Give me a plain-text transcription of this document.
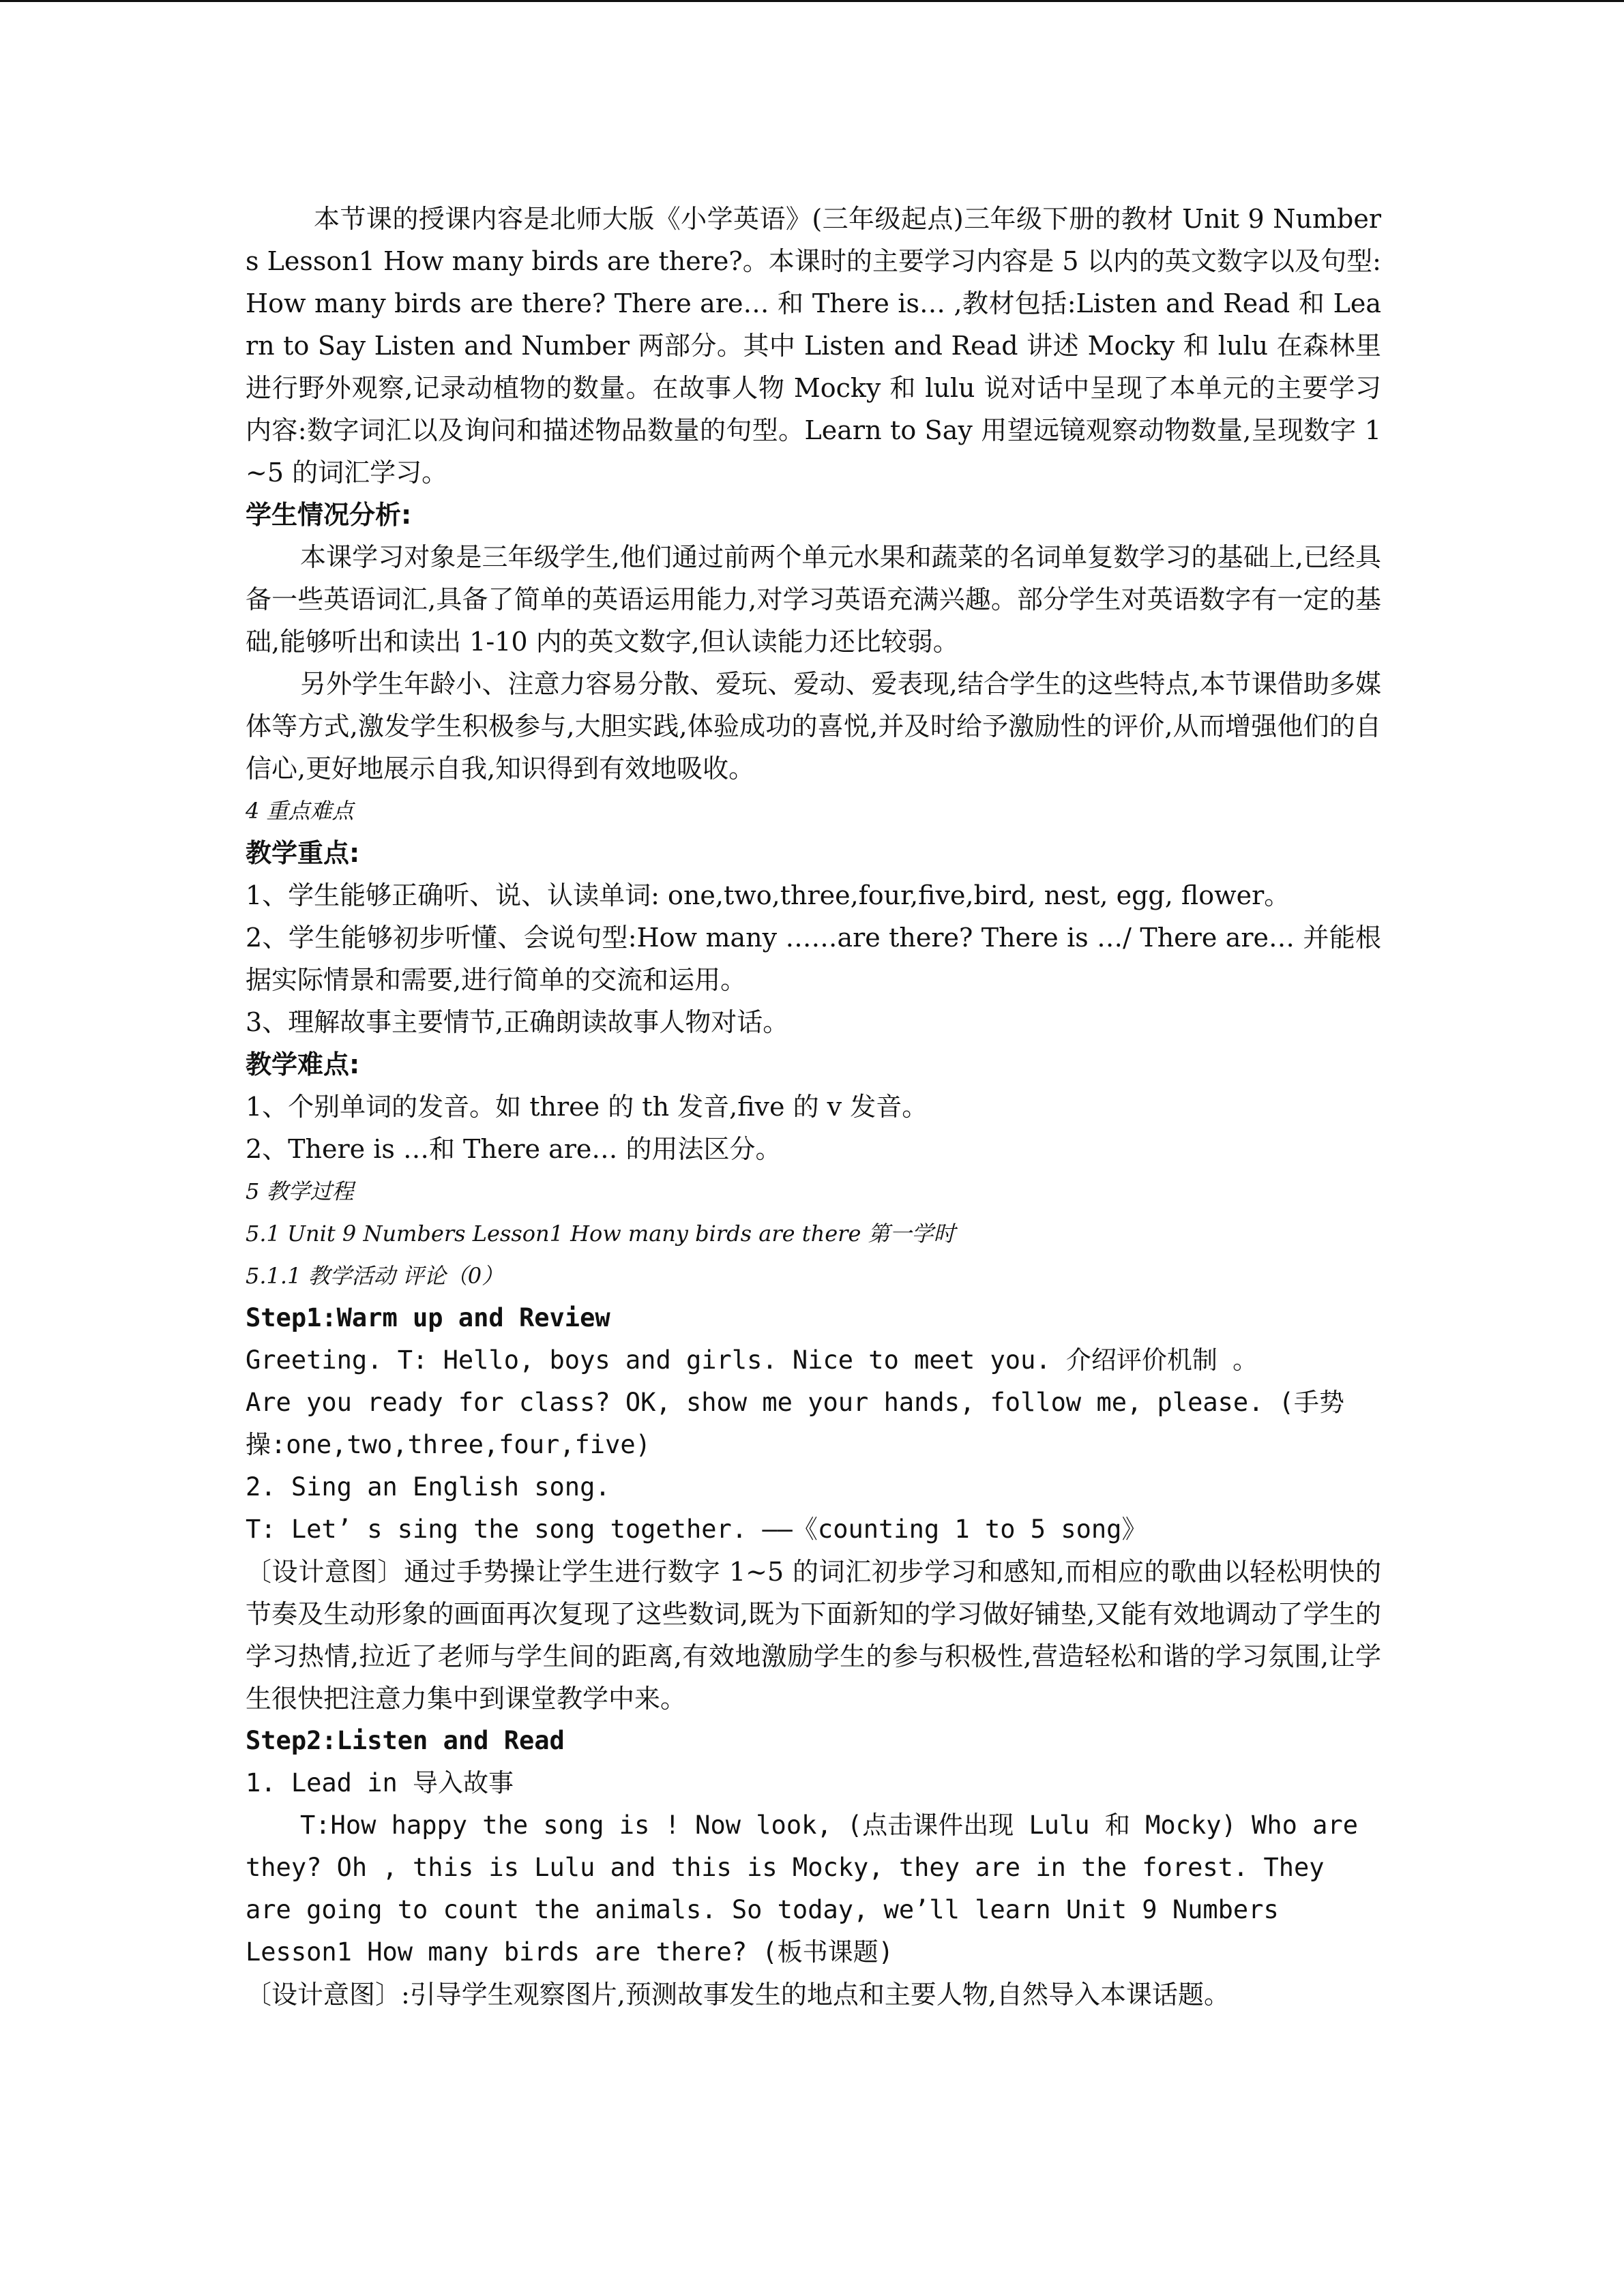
本节课的授课内容是北师大版《小学英语》(三年级起点)三年级下册的教材 Unit 9 Numbers Lesson1 How many birds are there?。本课时的主要学习内容是 5 以内的英文数字以及句型:How many birds are there? There are… 和 There is… ,教材包括:Listen and Read 和 Learn to Say Listen and Number 两部分。其中 Listen and Read 讲述 Mocky 和 lulu 在森林里进行野外观察,记录动植物的数量。在故事人物 Mocky 和 lulu 说对话中呈现了本单元的主要学习内容:数字词汇以及询问和描述物品数量的句型。Learn to Say 用望远镜观察动物数量,呈现数字 1~5 的词汇学习。

学生情况分析:

本课学习对象是三年级学生,他们通过前两个单元水果和蔬菜的名词单复数学习的基础上,已经具备一些英语词汇,具备了简单的英语运用能力,对学习英语充满兴趣。部分学生对英语数字有一定的基础,能够听出和读出 1-10 内的英文数字,但认读能力还比较弱。

另外学生年龄小、注意力容易分散、爱玩、爱动、爱表现,结合学生的这些特点,本节课借助多媒体等方式,激发学生积极参与,大胆实践,体验成功的喜悦,并及时给予激励性的评价,从而增强他们的自信心,更好地展示自我,知识得到有效地吸收。

4 重点难点

教学重点:

1、学生能够正确听、说、认读单词: one,two,three,four,five,bird, nest, egg, flower。

2、学生能够初步听懂、会说句型:How many ……are there? There is …/ There are… 并能根据实际情景和需要,进行简单的交流和运用。

3、理解故事主要情节,正确朗读故事人物对话。

教学难点:

1、个别单词的发音。如 three 的 th 发音,five 的 v 发音。

2、There is …和 There are… 的用法区分。

5 教学过程

5.1 Unit 9 Numbers Lesson1 How many birds are there 第一学时

5.1.1 教学活动 评论（0）

Step1:Warm up and Review

Greeting. T: Hello, boys and girls. Nice to meet you. 介绍评价机制 。

Are you ready for class? OK, show me your hands, follow me, please. (手势操:one,two,three,four,five)

2. Sing an English song.

T: Let’ s sing the song together. ——《counting 1 to 5 song》

〔设计意图〕通过手势操让学生进行数字 1~5 的词汇初步学习和感知,而相应的歌曲以轻松明快的节奏及生动形象的画面再次复现了这些数词,既为下面新知的学习做好铺垫,又能有效地调动了学生的学习热情,拉近了老师与学生间的距离,有效地激励学生的参与积极性,营造轻松和谐的学习氛围,让学生很快把注意力集中到课堂教学中来。

Step2:Listen and Read

1. Lead in 导入故事

T:How happy the song is ! Now look, (点击课件出现 Lulu 和 Mocky) Who are they? Oh , this is Lulu and this is Mocky, they are in the forest. They are going to count the animals. So today, we’ll learn Unit 9 Numbers Lesson1 How many birds are there? (板书课题)

〔设计意图〕:引导学生观察图片,预测故事发生的地点和主要人物,自然导入本课话题。
